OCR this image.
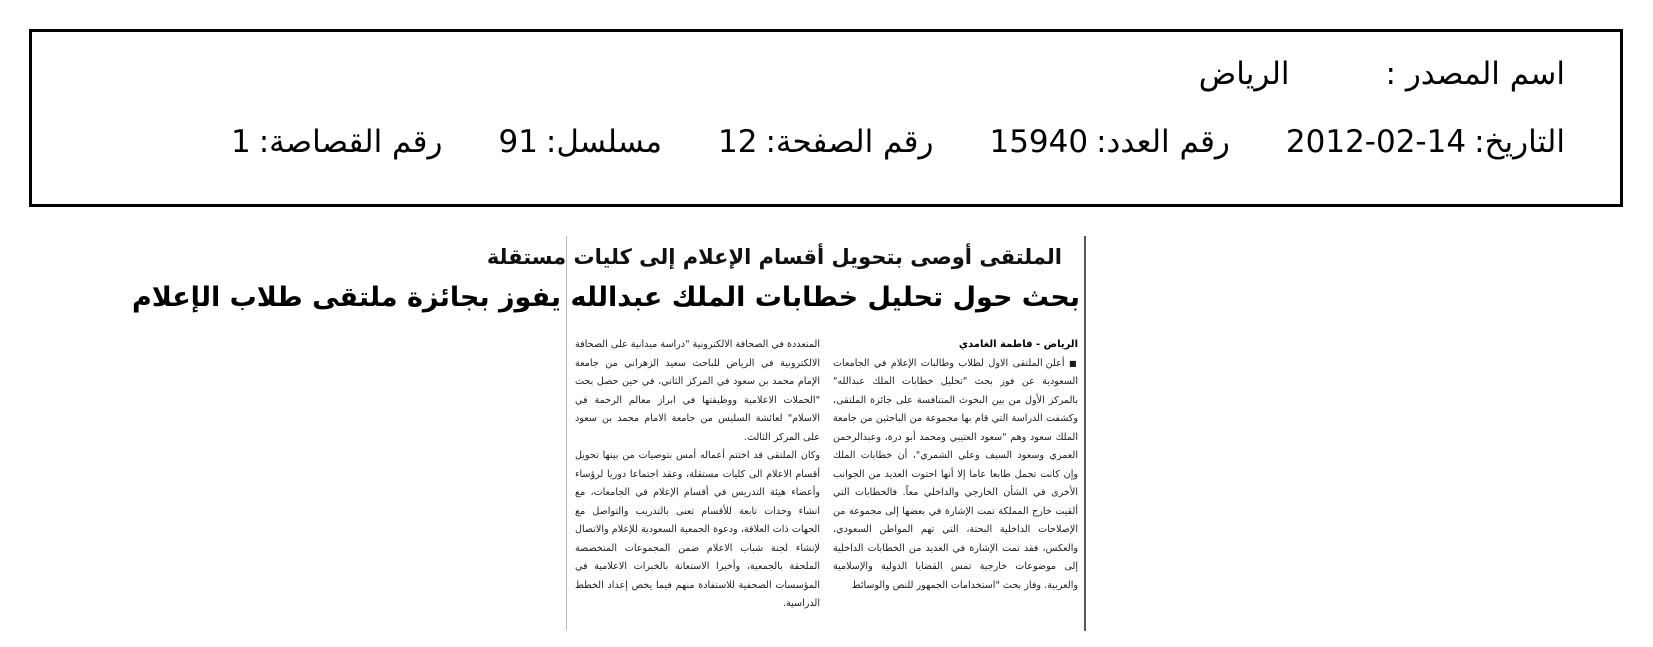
اسم المصدر :
الرياض
التاريخ:
2012-02-14
رقم العدد:
15940
رقم الصفحة:
12
مسلسل:
91
رقم القصاصة:
1
الملتقى أوصى بتحويل أقسام الإعلام إلى كليات مستقلة
بحث حول تحليل خطابات الملك عبدالله يفوز بجائزة ملتقى طلاب الإعلام

الرياض - فاطمة الغامدي
■ أعلن الملتقى الاول لطلاب وطالبات الإعلام في الجامعات السعودية عن فوز بحث "تحليل خطابات الملك عبدالله" بالمركز الأول من بين البحوث المتنافسة على جائزة الملتقى، وكشفت الدراسة التي قام بها مجموعة من الباحثين من جامعة الملك سعود وهم "سعود العتيبي ومحمد أبو درة، وعبدالرحمن العمري وسعود السيف وعلي الشمري"، أن خطابات الملك وإن كانت تحمل طابعا عاما إلا أنها احتوت العديد من الجوانب الأخرى في الشأن الخارجي والداخلي معاً. فالخطابات التي ألقيت خارج المملكة تمت الإشارة في بعضها إلى مجموعة من الإصلاحات الداخلية البحتة، التي تهم المواطن السعودي، والعكس، فقد تمت الإشارة في العديد من الخطابات الداخلية إلى موضوعات خارجية تمس القضايا الدولية والإسلامية والعربية. وفاز بحث "استخدامات الجمهور للنص والوسائط

المتعددة في الصحافة الالكترونية "دراسة ميدانية على الصحافة الالكترونية في الرياض للباحث سعيد الزهراني من جامعة الإمام محمد بن سعود في المركز الثاني، في حين حصل بحث "الحملات الاعلامية ووظيفتها في ابراز معالم الرحمة في الاسلام" لعائشة السليس من جامعة الامام محمد بن سعود على المركز الثالث.

وكان الملتقى قد اختتم أعماله أمس بتوصيات من بينها تحويل أقسام الاعلام الى كليات مستقلة، وعقد اجتماعا دوريا لرؤساء وأعضاء هيئة التدريس في أقسام الإعلام في الجامعات، مع انشاء وحدات تابعة للأقسام تعنى بالتدريب والتواصل مع الجهات ذات العلاقة، ودعوة الجمعية السعودية للإعلام والاتصال لإنشاء لجنة شباب الاعلام ضمن المجموعات المتخصصة الملحقة بالجمعية، وأخيرا الاستعانة بالخبرات الاعلامية في المؤسسات الصحفية للاستفادة منهم فيما يخص إعداد الخطط الدراسية.
